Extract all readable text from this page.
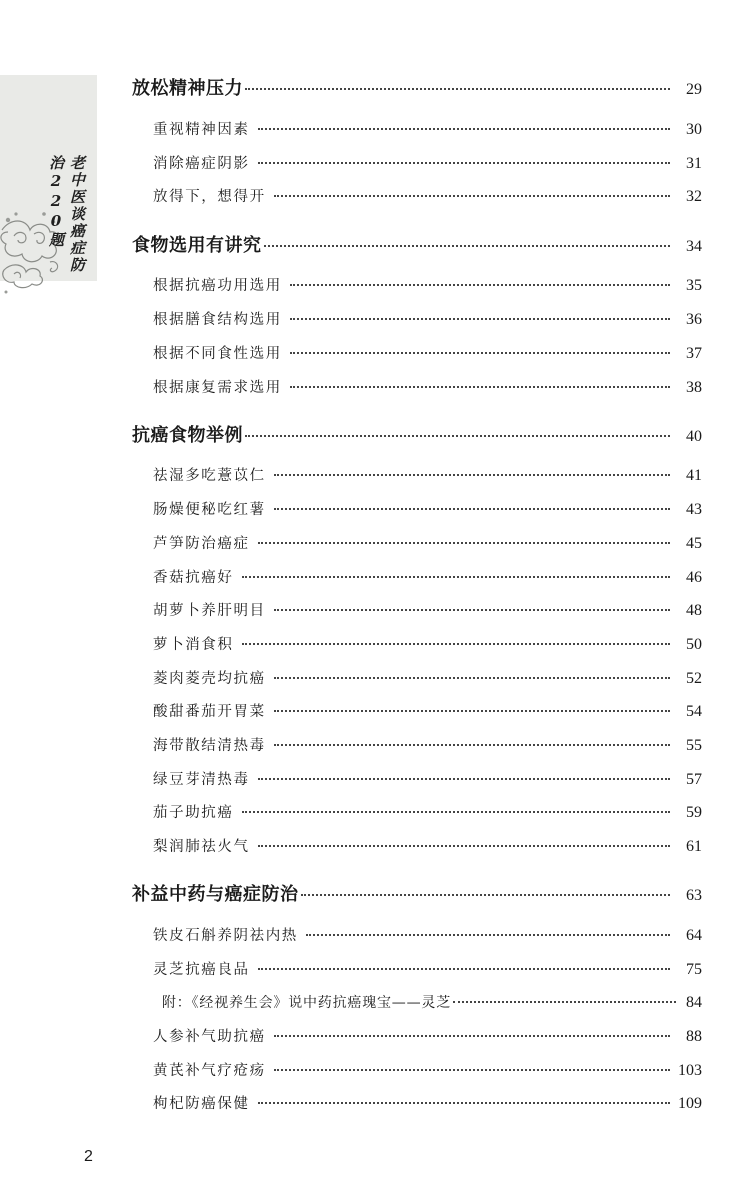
老中医谈癌症防治220题
放松精神压力	29
重视精神因素	30
消除癌症阴影	31
放得下，想得开	32
食物选用有讲究	34
根据抗癌功用选用	35
根据膳食结构选用	36
根据不同食性选用	37
根据康复需求选用	38
抗癌食物举例	40
祛湿多吃薏苡仁	41
肠燥便秘吃红薯	43
芦笋防治癌症	45
香菇抗癌好	46
胡萝卜养肝明目	48
萝卜消食积	50
菱肉菱壳均抗癌	52
酸甜番茄开胃菜	54
海带散结清热毒	55
绿豆芽清热毒	57
茄子助抗癌	59
梨润肺祛火气	61
补益中药与癌症防治	63
铁皮石斛养阴祛内热	64
灵芝抗癌良品	75
附：《经视养生会》说中药抗癌瑰宝——灵芝	84
人参补气助抗癌	88
黄芪补气疗疮疡	103
枸杞防癌保健	109
2
